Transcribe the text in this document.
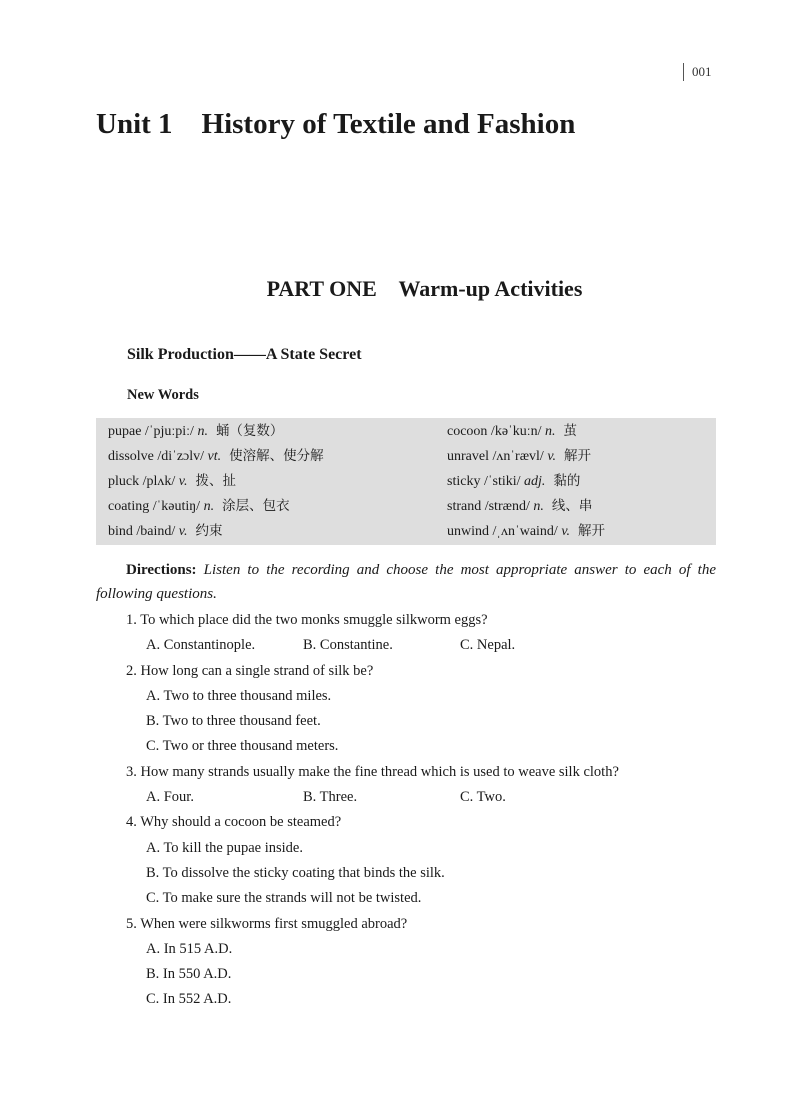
001
Unit 1    History of Textile and Fashion
PART ONE    Warm-up Activities
Silk Production——A State Secret
New Words
pupae /ˈpjuːpiː/ n. 蛹（复数）	cocoon /kəˈkuːn/ n. 茧
dissolve /diˈzɔlv/ vt. 使溶解、使分解	unravel /ʌnˈrævl/ v. 解开
pluck /plʌk/ v. 拨、扯	sticky /ˈstiki/ adj. 黏的
coating /ˈkəutiŋ/ n. 涂层、包衣	strand /strænd/ n. 线、串
bind /baind/ v. 约束	unwind /ˌʌnˈwaind/ v. 解开

Directions: Listen to the recording and choose the most appropriate answer to each of the following questions.

1. To which place did the two monks smuggle silkworm eggs?
A. Constantinople.	B. Constantine.	C. Nepal.
2. How long can a single strand of silk be?
A. Two to three thousand miles.
B. Two to three thousand feet.
C. Two or three thousand meters.
3. How many strands usually make the fine thread which is used to weave silk cloth?
A. Four.	B. Three.	C. Two.
4. Why should a cocoon be steamed?
A. To kill the pupae inside.
B. To dissolve the sticky coating that binds the silk.
C. To make sure the strands will not be twisted.
5. When were silkworms first smuggled abroad?
A. In 515 A.D.
B. In 550 A.D.
C. In 552 A.D.
